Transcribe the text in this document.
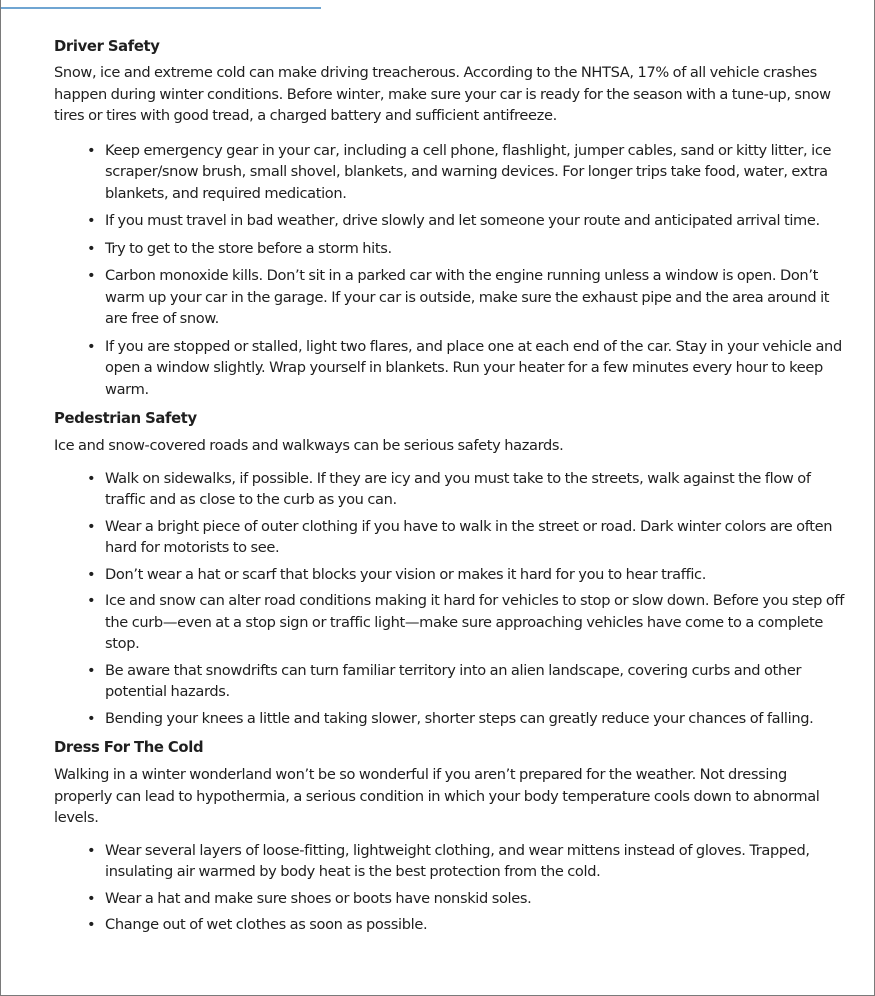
Driver Safety

Snow, ice and extreme cold can make driving treacherous. According to the NHTSA, 17% of all vehicle crashes happen during winter conditions. Before winter, make sure your car is ready for the season with a tune-up, snow tires or tires with good tread, a charged battery and sufficient antifreeze.

• Keep emergency gear in your car, including a cell phone, flashlight, jumper cables, sand or kitty litter, ice scraper/snow brush, small shovel, blankets, and warning devices. For longer trips take food, water, extra blankets, and required medication.
• If you must travel in bad weather, drive slowly and let someone your route and anticipated arrival time.
• Try to get to the store before a storm hits.
• Carbon monoxide kills. Don’t sit in a parked car with the engine running unless a window is open. Don’t warm up your car in the garage. If your car is outside, make sure the exhaust pipe and the area around it are free of snow.
• If you are stopped or stalled, light two flares, and place one at each end of the car. Stay in your vehicle and open a window slightly. Wrap yourself in blankets. Run your heater for a few minutes every hour to keep warm.
Pedestrian Safety

Ice and snow-covered roads and walkways can be serious safety hazards.

• Walk on sidewalks, if possible. If they are icy and you must take to the streets, walk against the flow of traffic and as close to the curb as you can.
• Wear a bright piece of outer clothing if you have to walk in the street or road. Dark winter colors are often hard for motorists to see.
• Don’t wear a hat or scarf that blocks your vision or makes it hard for you to hear traffic.
• Ice and snow can alter road conditions making it hard for vehicles to stop or slow down. Before you step off the curb—even at a stop sign or traffic light—make sure approaching vehicles have come to a complete stop.
• Be aware that snowdrifts can turn familiar territory into an alien landscape, covering curbs and other potential hazards.
• Bending your knees a little and taking slower, shorter steps can greatly reduce your chances of falling.
Dress For The Cold

Walking in a winter wonderland won’t be so wonderful if you aren’t prepared for the weather. Not dressing properly can lead to hypothermia, a serious condition in which your body temperature cools down to abnormal levels.

• Wear several layers of loose-fitting, lightweight clothing, and wear mittens instead of gloves. Trapped, insulating air warmed by body heat is the best protection from the cold.
• Wear a hat and make sure shoes or boots have nonskid soles.
• Change out of wet clothes as soon as possible.
